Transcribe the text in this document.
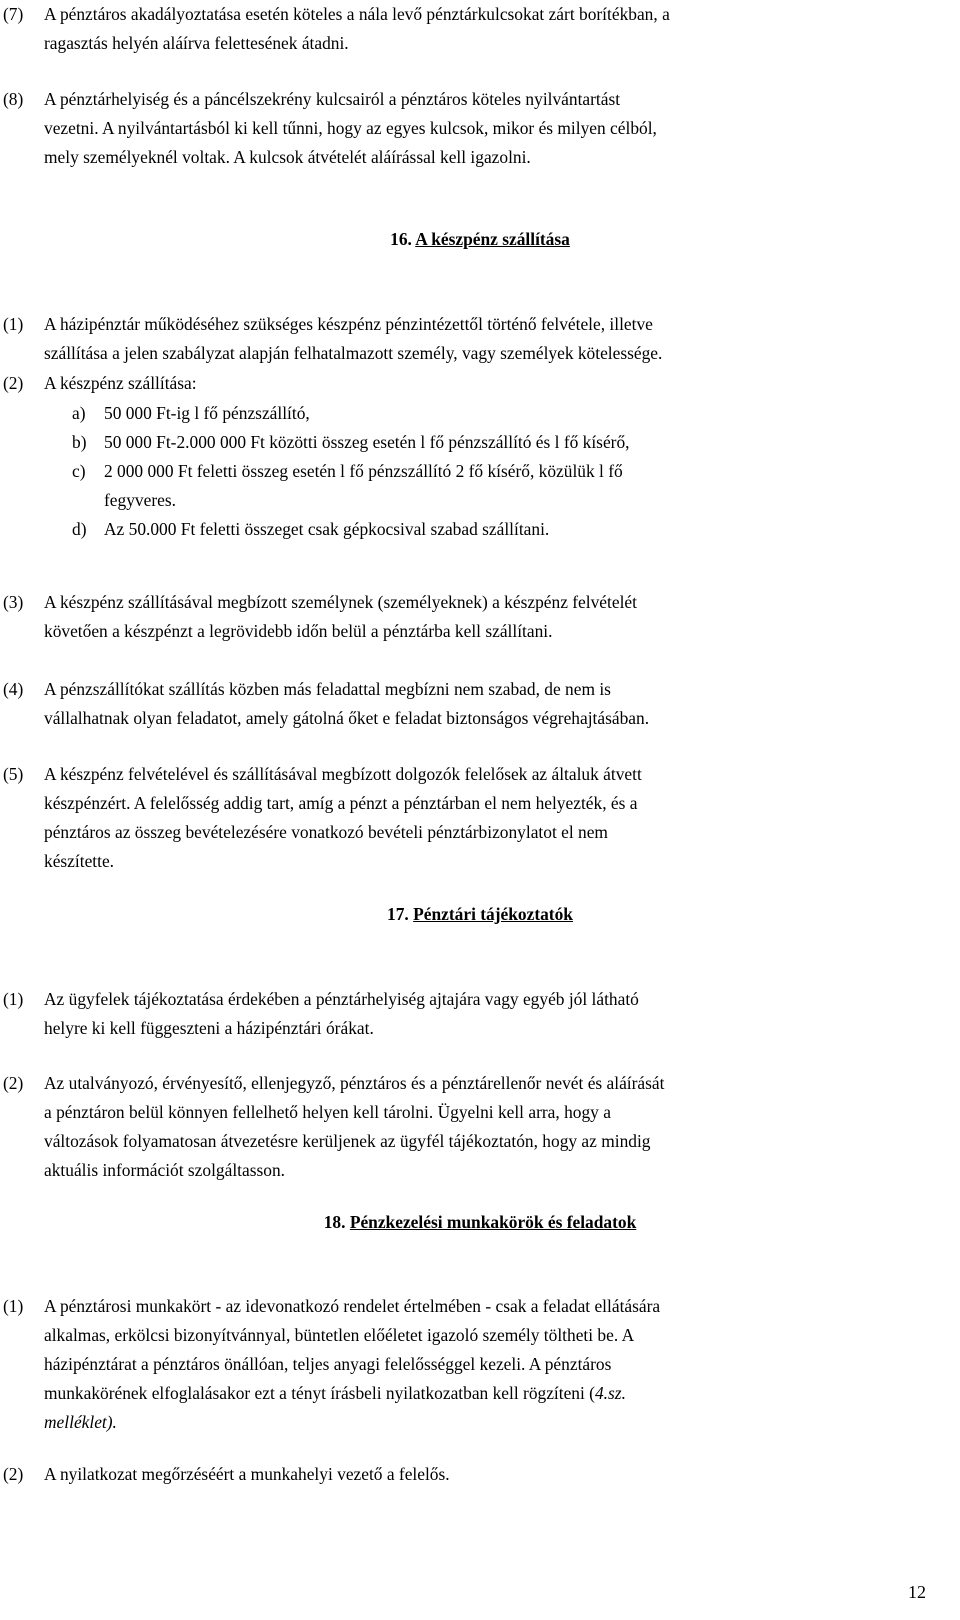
(7) A pénztáros akadályoztatása esetén köteles a nála levő pénztárkulcsokat zárt borítékban, a
ragasztás helyén aláírva felettesének átadni.
(8) A pénztárhelyiség és a páncélszekrény kulcsairól a pénztáros köteles nyilvántartást
vezetni. A nyilvántartásból ki kell tűnni, hogy az egyes kulcsok, mikor és milyen célból,
mely személyeknél voltak. A kulcsok átvételét aláírással kell igazolni.
16. A készpénz szállítása
(1) A házipénztár működéséhez szükséges készpénz pénzintézettől történő felvétele, illetve
szállítása a jelen szabályzat alapján felhatalmazott személy, vagy személyek kötelessége.
(2) A készpénz szállítása:
a) 50 000 Ft-ig l fő pénzszállító,
b) 50 000 Ft-2.000 000 Ft közötti összeg esetén l fő pénzszállító és l fő kísérő,
c) 2 000 000 Ft feletti összeg esetén l fő pénzszállító 2 fő kísérő, közülük l fő
fegyveres.
d) Az 50.000 Ft feletti összeget csak gépkocsival szabad szállítani.
(3) A készpénz szállításával megbízott személynek (személyeknek) a készpénz felvételét
követően a készpénzt a legrövidebb időn belül a pénztárba kell szállítani.
(4) A pénzszállítókat szállítás közben más feladattal megbízni nem szabad, de nem is
vállalhatnak olyan feladatot, amely gátolná őket e feladat biztonságos végrehajtásában.
(5) A készpénz felvételével és szállításával megbízott dolgozók felelősek az általuk átvett
készpénzért. A felelősség addig tart, amíg a pénzt a pénztárban el nem helyezték, és a
pénztáros az összeg bevételezésére vonatkozó bevételi pénztárbizonylatot el nem
készítette.
17. Pénztári tájékoztatók
(1) Az ügyfelek tájékoztatása érdekében a pénztárhelyiség ajtajára vagy egyéb jól látható
helyre ki kell függeszteni a házipénztári órákat.
(2) Az utalványozó, érvényesítő, ellenjegyző, pénztáros és a pénztárellenőr nevét és aláírását
a pénztáron belül könnyen fellelhető helyen kell tárolni. Ügyelni kell arra, hogy a
változások folyamatosan átvezetésre kerüljenek az ügyfél tájékoztatón, hogy az mindig
aktuális információt szolgáltasson.
18. Pénzkezelési munkakörök és feladatok
(1) A pénztárosi munkakört - az idevonatkozó rendelet értelmében - csak a feladat ellátására
alkalmas, erkölcsi bizonyítvánnyal, büntetlen előéletet igazoló személy töltheti be. A
házipénztárat a pénztáros önállóan, teljes anyagi felelősséggel kezeli. A pénztáros
munkakörének elfoglalásakor ezt a tényt írásbeli nyilatkozatban kell rögzíteni (4.sz.
melléklet).
(2) A nyilatkozat megőrzéséért a munkahelyi vezető a felelős.
12
